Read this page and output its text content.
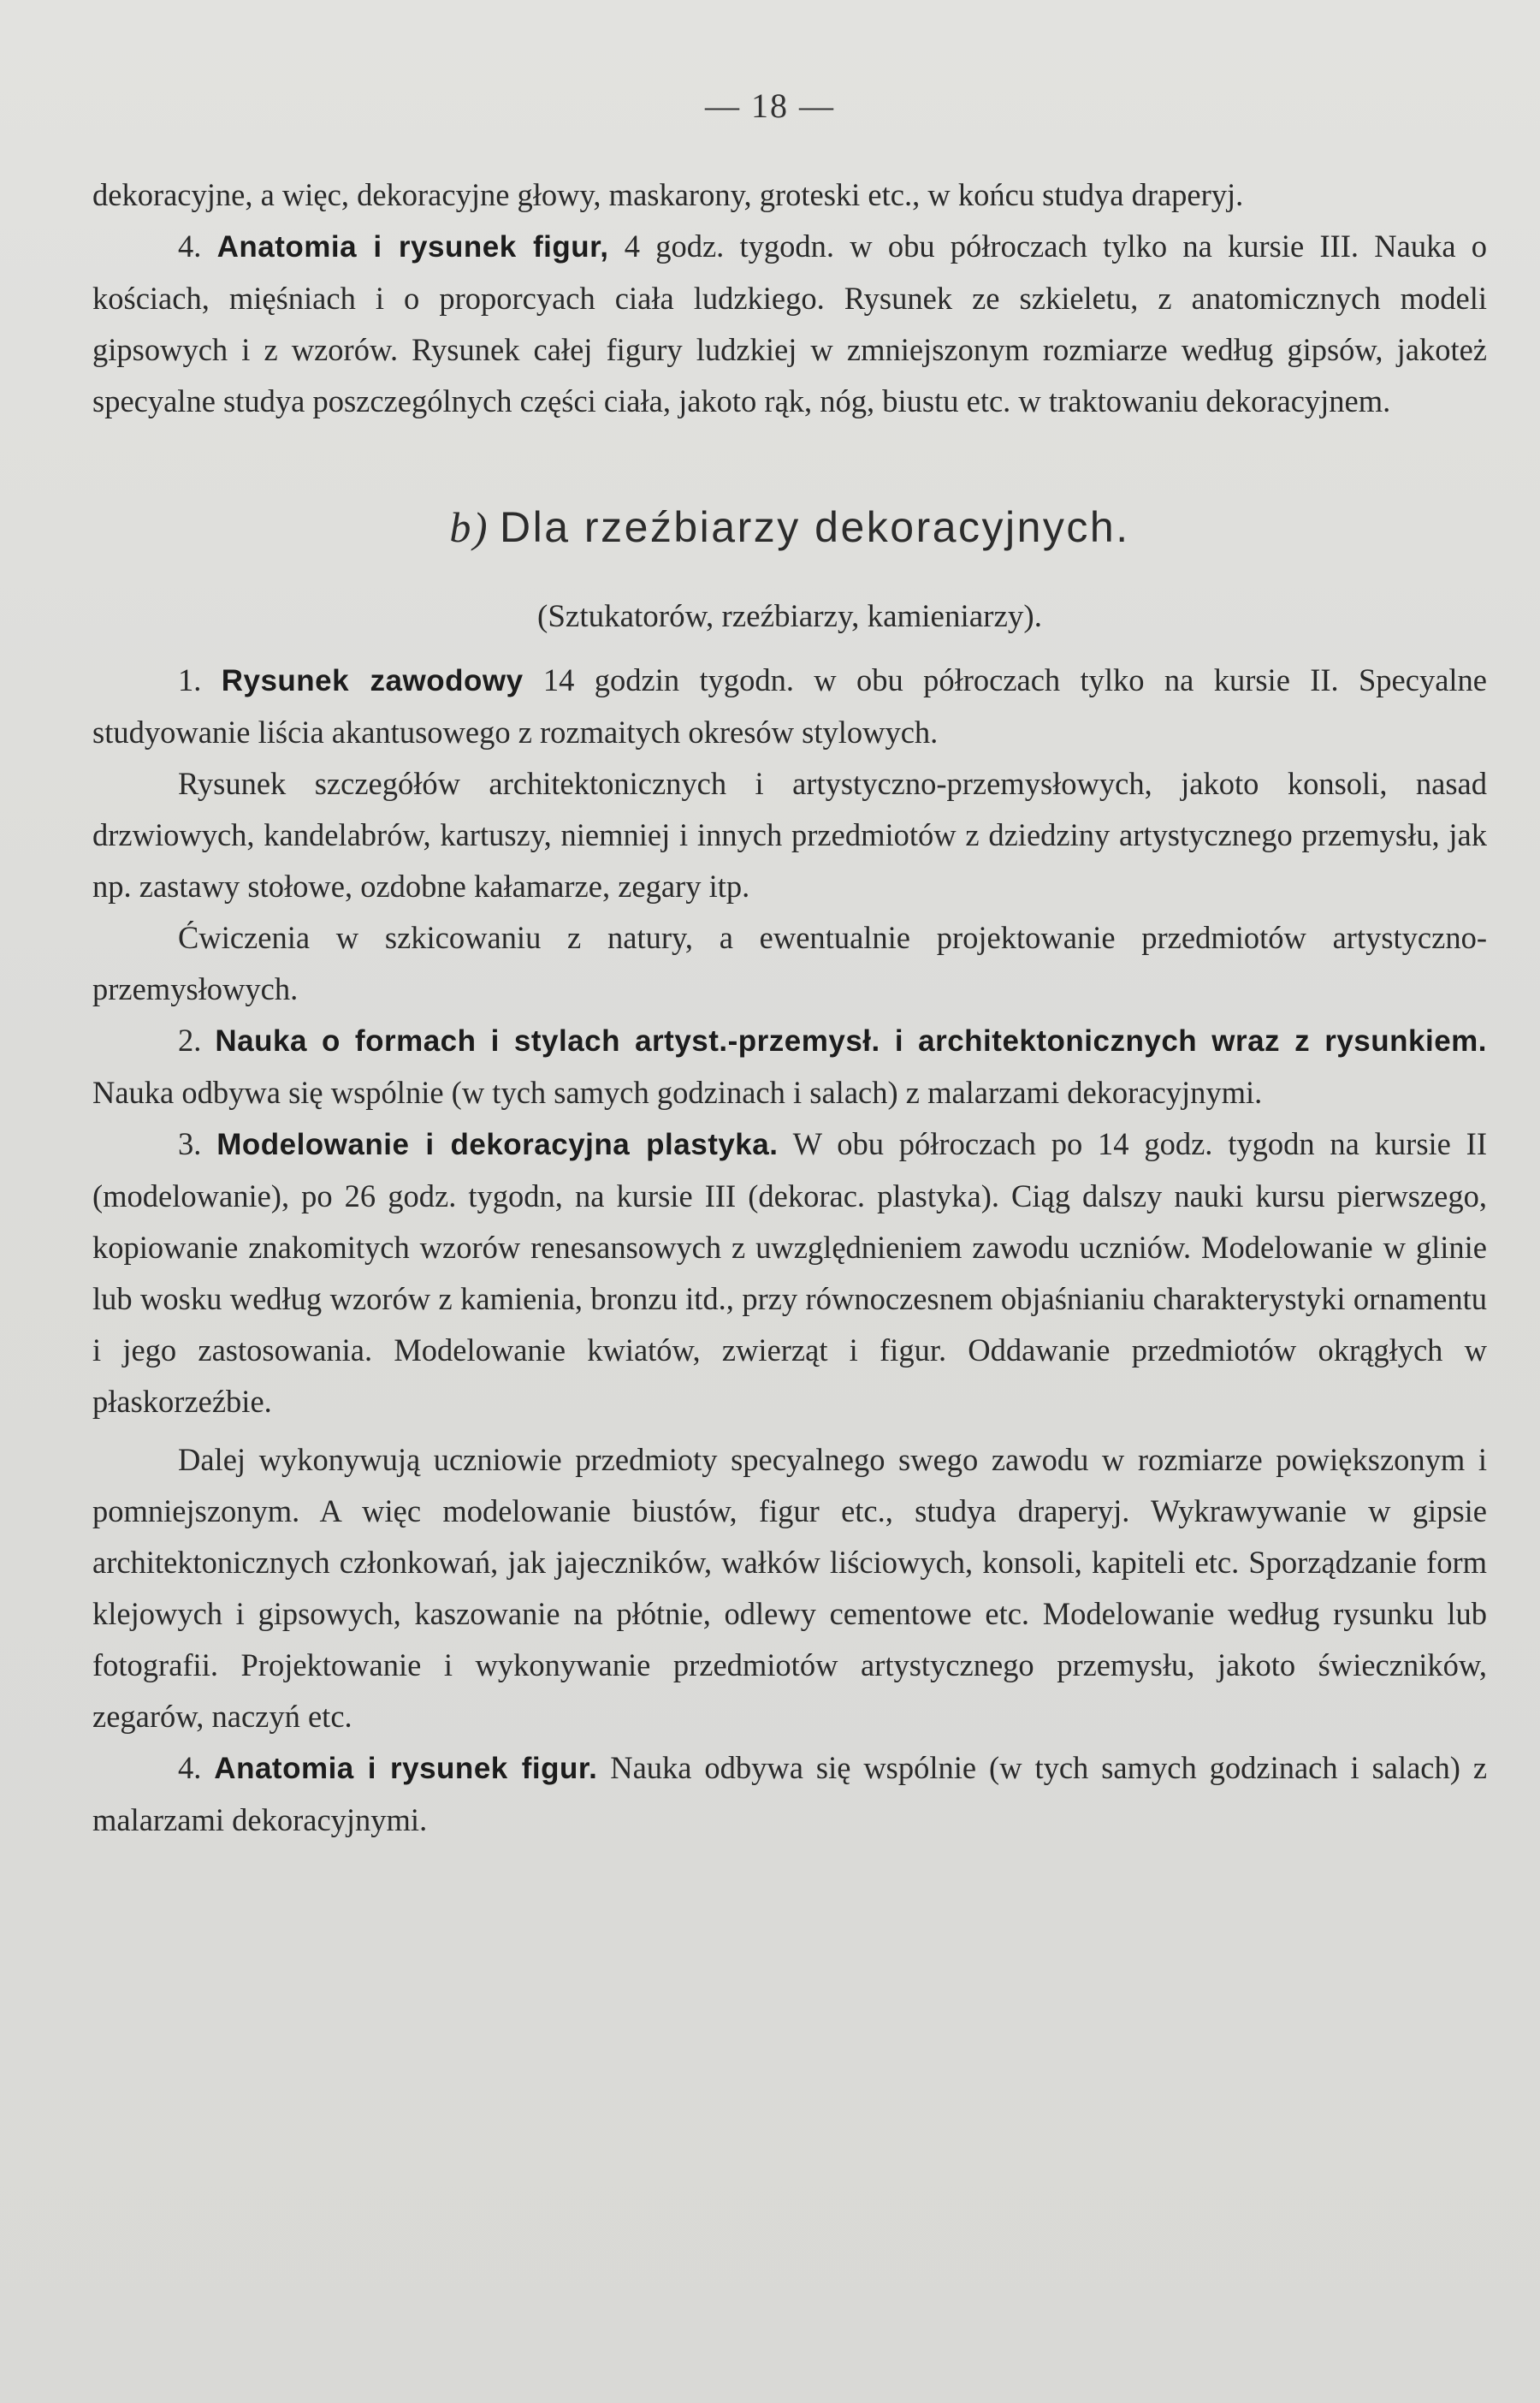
— 18 —

dekoracyjne, a więc, dekoracyjne głowy, maskarony, groteski etc., w końcu studya draperyj.

4. Anatomia i rysunek figur, 4 godz. tygodn. w obu półroczach tylko na kursie III. Nauka o kościach, mięśniach i o proporcyach ciała ludzkiego. Rysunek ze szkieletu, z anatomicznych modeli gipsowych i z wzorów. Rysunek całej figury ludzkiej w zmniejszonym rozmiarze według gipsów, jakoteż specyalne studya poszczególnych części ciała, jakoto rąk, nóg, biustu etc. w traktowaniu dekoracyjnem.

b) Dla rzeźbiarzy dekoracyjnych.
(Sztukatorów, rzeźbiarzy, kamieniarzy).

1. Rysunek zawodowy 14 godzin tygodn. w obu półroczach tylko na kursie II. Specyalne studyowanie liścia akantusowego z rozmaitych okresów stylowych.

Rysunek szczegółów architektonicznych i artystyczno-przemysłowych, jakoto konsoli, nasad drzwiowych, kandelabrów, kartuszy, niemniej i innych przedmiotów z dziedziny artystycznego przemysłu, jak np. zastawy stołowe, ozdobne kałamarze, zegary itp.

Ćwiczenia w szkicowaniu z natury, a ewentualnie projektowanie przedmiotów artystyczno-przemysłowych.

2. Nauka o formach i stylach artyst.-przemysł. i architektonicznych wraz z rysunkiem. Nauka odbywa się wspólnie (w tych samych godzinach i salach) z malarzami dekoracyjnymi.

3. Modelowanie i dekoracyjna plastyka. W obu półroczach po 14 godz. tygodn na kursie II (modelowanie), po 26 godz. tygodn, na kursie III (dekorac. plastyka). Ciąg dalszy nauki kursu pierwszego, kopiowanie znakomitych wzorów renesansowych z uwzględnieniem zawodu uczniów. Modelowanie w glinie lub wosku według wzorów z kamienia, bronzu itd., przy równoczesnem objaśnianiu charakterystyki ornamentu i jego zastosowania. Modelowanie kwiatów, zwierząt i figur. Oddawanie przedmiotów okrągłych w płaskorzeźbie.

Dalej wykonywują uczniowie przedmioty specyalnego swego zawodu w rozmiarze powiększonym i pomniejszonym. A więc modelowanie biustów, figur etc., studya draperyj. Wykrawywanie w gipsie architektonicznych członkowań, jak jajeczników, wałków liściowych, konsoli, kapiteli etc. Sporządzanie form klejowych i gipsowych, kaszowanie na płótnie, odlewy cementowe etc. Modelowanie według rysunku lub fotografii. Projektowanie i wykonywanie przedmiotów artystycznego przemysłu, jakoto świeczników, zegarów, naczyń etc.

4. Anatomia i rysunek figur. Nauka odbywa się wspólnie (w tych samych godzinach i salach) z malarzami dekoracyjnymi.
